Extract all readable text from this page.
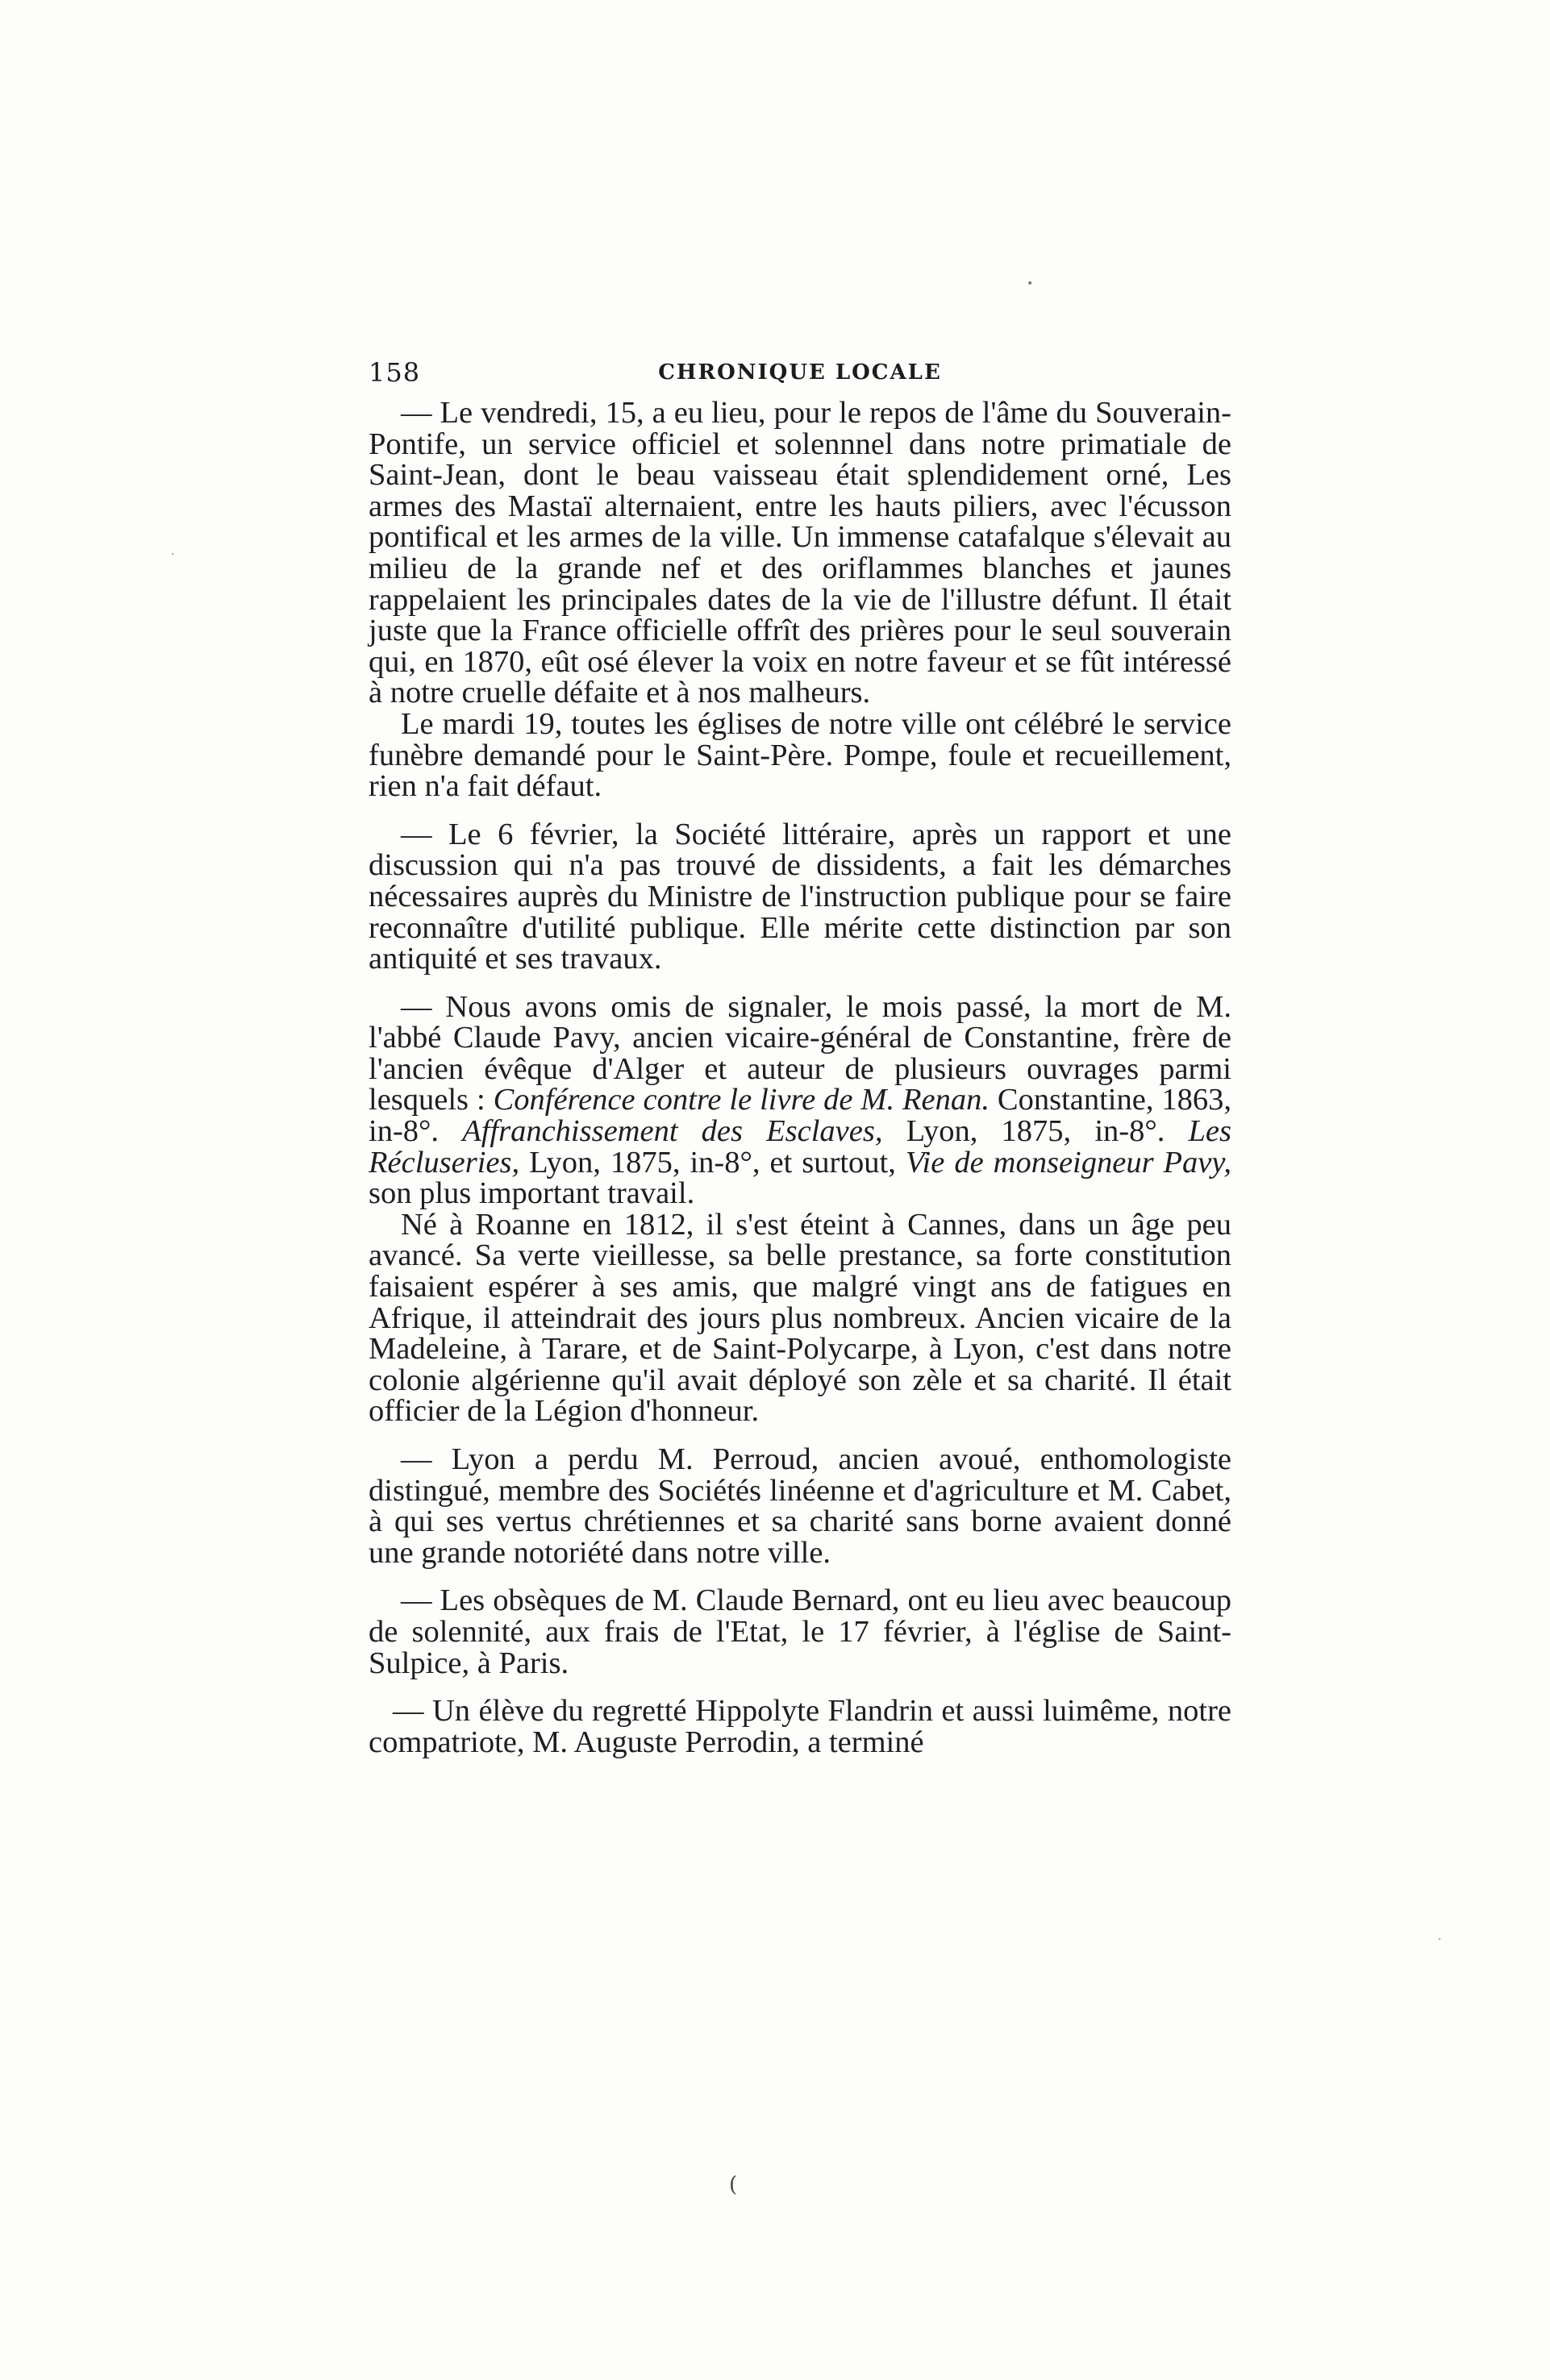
158	CHRONIQUE LOCALE

— Le vendredi, 15, a eu lieu, pour le repos de l'âme du Souverain-Pontife, un service officiel et solennnel dans notre primatiale de Saint-Jean, dont le beau vaisseau était splendidement orné, Les armes des Mastaï alternaient, entre les hauts piliers, avec l'écusson pontifical et les armes de la ville. Un immense catafalque s'élevait au milieu de la grande nef et des oriflammes blanches et jaunes rappelaient les principales dates de la vie de l'illustre défunt. Il était juste que la France officielle offrît des prières pour le seul souverain qui, en 1870, eût osé élever la voix en notre faveur et se fût intéressé à notre cruelle défaite et à nos malheurs.

Le mardi 19, toutes les églises de notre ville ont célébré le service funèbre demandé pour le Saint-Père. Pompe, foule et recueillement, rien n'a fait défaut.

— Le 6 février, la Société littéraire, après un rapport et une discussion qui n'a pas trouvé de dissidents, a fait les démarches nécessaires auprès du Ministre de l'instruction publique pour se faire reconnaître d'utilité publique. Elle mérite cette distinction par son antiquité et ses travaux.

— Nous avons omis de signaler, le mois passé, la mort de M. l'abbé Claude Pavy, ancien vicaire-général de Constantine, frère de l'ancien évêque d'Alger et auteur de plusieurs ouvrages parmi lesquels : Conférence contre le livre de M. Renan. Constantine, 1863, in-8°. Affranchissement des Esclaves, Lyon, 1875, in-8°. Les Récluseries, Lyon, 1875, in-8°, et surtout, Vie de monseigneur Pavy, son plus important travail.

Né à Roanne en 1812, il s'est éteint à Cannes, dans un âge peu avancé. Sa verte vieillesse, sa belle prestance, sa forte constitution faisaient espérer à ses amis, que malgré vingt ans de fatigues en Afrique, il atteindrait des jours plus nombreux. Ancien vicaire de la Madeleine, à Tarare, et de Saint-Polycarpe, à Lyon, c'est dans notre colonie algérienne qu'il avait déployé son zèle et sa charité. Il était officier de la Légion d'honneur.

— Lyon a perdu M. Perroud, ancien avoué, enthomologiste distingué, membre des Sociétés linéenne et d'agriculture et M. Cabet, à qui ses vertus chrétiennes et sa charité sans borne avaient donné une grande notoriété dans notre ville.

— Les obsèques de M. Claude Bernard, ont eu lieu avec beaucoup de solennité, aux frais de l'Etat, le 17 février, à l'église de Saint-Sulpice, à Paris.

— Un élève du regretté Hippolyte Flandrin et aussi luimême, notre compatriote, M. Auguste Perrodin, a terminé

•
·
·
(
